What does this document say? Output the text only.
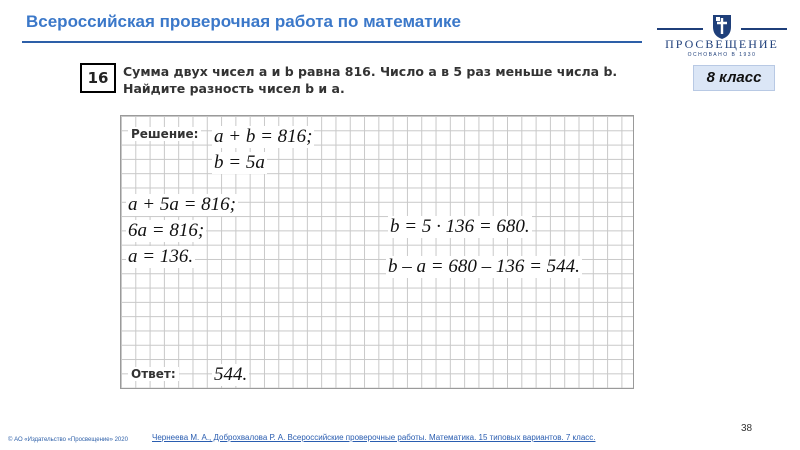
Всероссийская проверочная работа по математике
ПРОСВЕЩЕНИЕ
ОСНОВАНО В 1930
8 класс
16	Сумма двух чисел a и b равна 816. Число a в 5 раз меньше числа b. Найдите разность чисел b и a.
Решение:
Ответ:
a + b = 816;
b = 5a
a + 5a = 816;
6a = 816;
a = 136.
b = 5 · 136 = 680.
b – a = 680 – 136 = 544.
544.
38
Чернеева М. А., Доброхвалова Р. А. Всероссийские проверочные работы. Математика. 15 типовых вариантов. 7 класс.
© АО «Издательство «Просвещение» 2020
